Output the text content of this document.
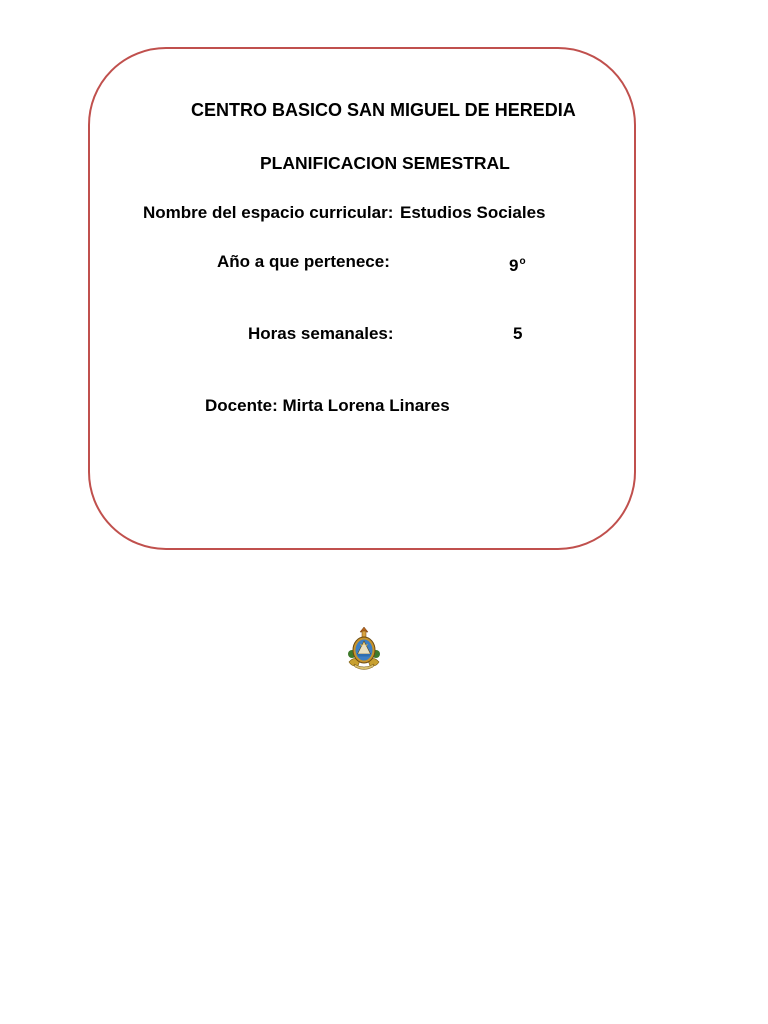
CENTRO BASICO SAN MIGUEL DE HEREDIA
PLANIFICACION SEMESTRAL
Nombre del espacio curricular: Estudios Sociales
Año a que pertenece:	9$^o$
Horas semanales:	5
Docente: Mirta Lorena Linares
